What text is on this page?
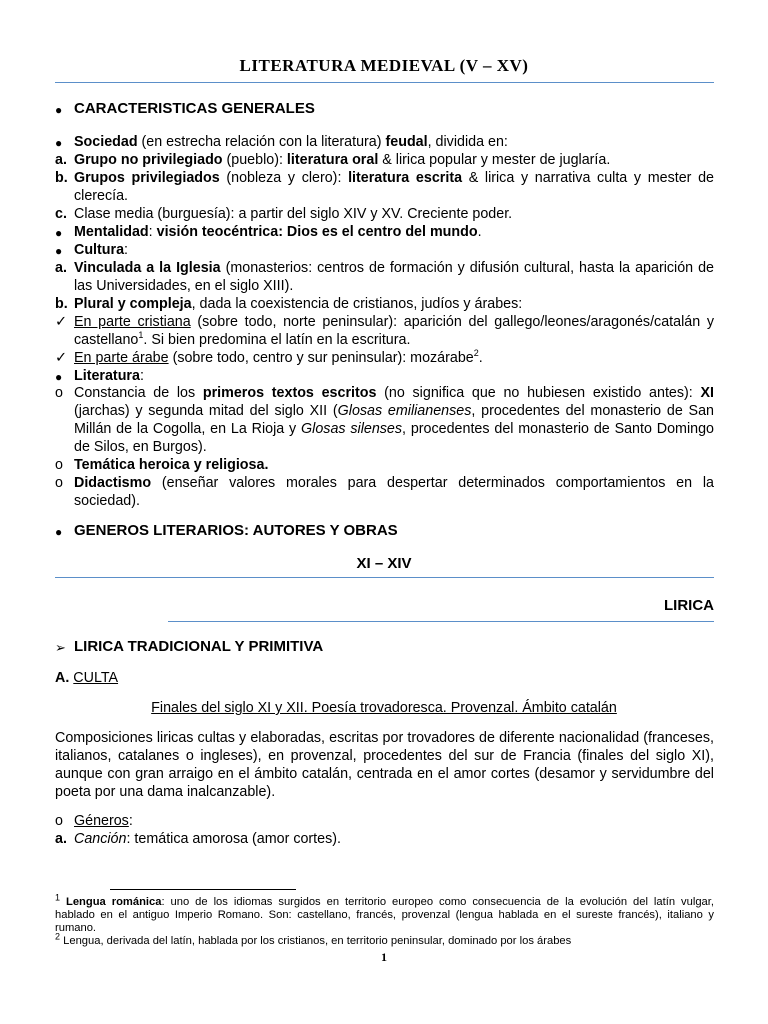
LITERATURA MEDIEVAL (V – XV)
● CARACTERISTICAS GENERALES
● Sociedad (en estrecha relación con la literatura) feudal, dividida en:
a. Grupo no privilegiado (pueblo): literatura oral & lirica popular y mester de juglaría.
b. Grupos privilegiados (nobleza y clero): literatura escrita & lirica y narrativa culta y mester de
clerecía.
c. Clase media (burguesía): a partir del siglo XIV y XV. Creciente poder.
● Mentalidad: visión teocéntrica: Dios es el centro del mundo.
● Cultura:
a. Vinculada a la Iglesia (monasterios: centros de formación y difusión cultural, hasta la aparición de
las Universidades, en el siglo XIII).
b. Plural y compleja, dada la coexistencia de cristianos, judíos y árabes:
✓ En parte cristiana (sobre todo, norte peninsular): aparición del gallego/leones/aragonés/catalán y
castellano$^1$. Si bien predomina el latín en la escritura.
✓ En parte árabe (sobre todo, centro y sur peninsular): mozárabe$^2$.
● Literatura:
o Constancia de los primeros textos escritos (no significa que no hubiesen existido antes): XI
(jarchas) y segunda mitad del siglo XII (Glosas emilianenses, procedentes del monasterio de San
Millán de la Cogolla, en La Rioja y Glosas silenses, procedentes del monasterio de Santo Domingo
de Silos, en Burgos).
o Temática heroica y religiosa.
o Didactismo (enseñar valores morales para despertar determinados comportamientos en la
sociedad).
● GENEROS LITERARIOS: AUTORES Y OBRAS
XI – XIV
LIRICA
➢ LIRICA TRADICIONAL Y PRIMITIVA
A. CULTA
Finales del siglo XI y XII. Poesía trovadoresca. Provenzal. Ámbito catalán
Composiciones liricas cultas y elaboradas, escritas por trovadores de diferente nacionalidad (franceses,
italianos, catalanes o ingleses), en provenzal, procedentes del sur de Francia (finales del siglo XI),
aunque con gran arraigo en el ámbito catalán, centrada en el amor cortes (desamor y servidumbre del
poeta por una dama inalcanzable).
o Géneros:
a. Canción: temática amorosa (amor cortes).
$^1$ Lengua románica: uno de los idiomas surgidos en territorio europeo como consecuencia de la evolución del latín vulgar,
hablado en el antiguo Imperio Romano. Son: castellano, francés, provenzal (lengua hablada en el sureste francés), italiano y
rumano.
$^2$ Lengua, derivada del latín, hablada por los cristianos, en territorio peninsular, dominado por los árabes
1
